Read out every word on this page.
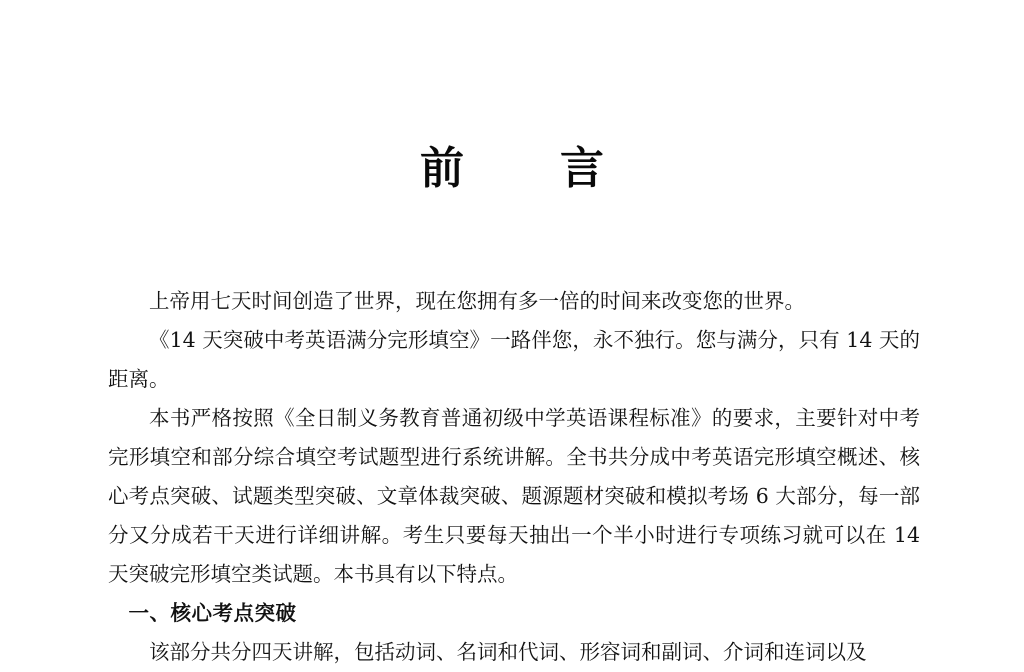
前　言

上帝用七天时间创造了世界，现在您拥有多一倍的时间来改变您的世界。

《14 天突破中考英语满分完形填空》一路伴您，永不独行。您与满分，只有 14 天的距离。

本书严格按照《全日制义务教育普通初级中学英语课程标准》的要求，主要针对中考完形填空和部分综合填空考试题型进行系统讲解。全书共分成中考英语完形填空概述、核心考点突破、试题类型突破、文章体裁突破、题源题材突破和模拟考场 6 大部分，每一部分又分成若干天进行详细讲解。考生只要每天抽出一个半小时进行专项练习就可以在 14 天突破完形填空类试题。本书具有以下特点。

一、核心考点突破

该部分共分四天讲解，包括动词、名词和代词、形容词和副词、介词和连词以及
